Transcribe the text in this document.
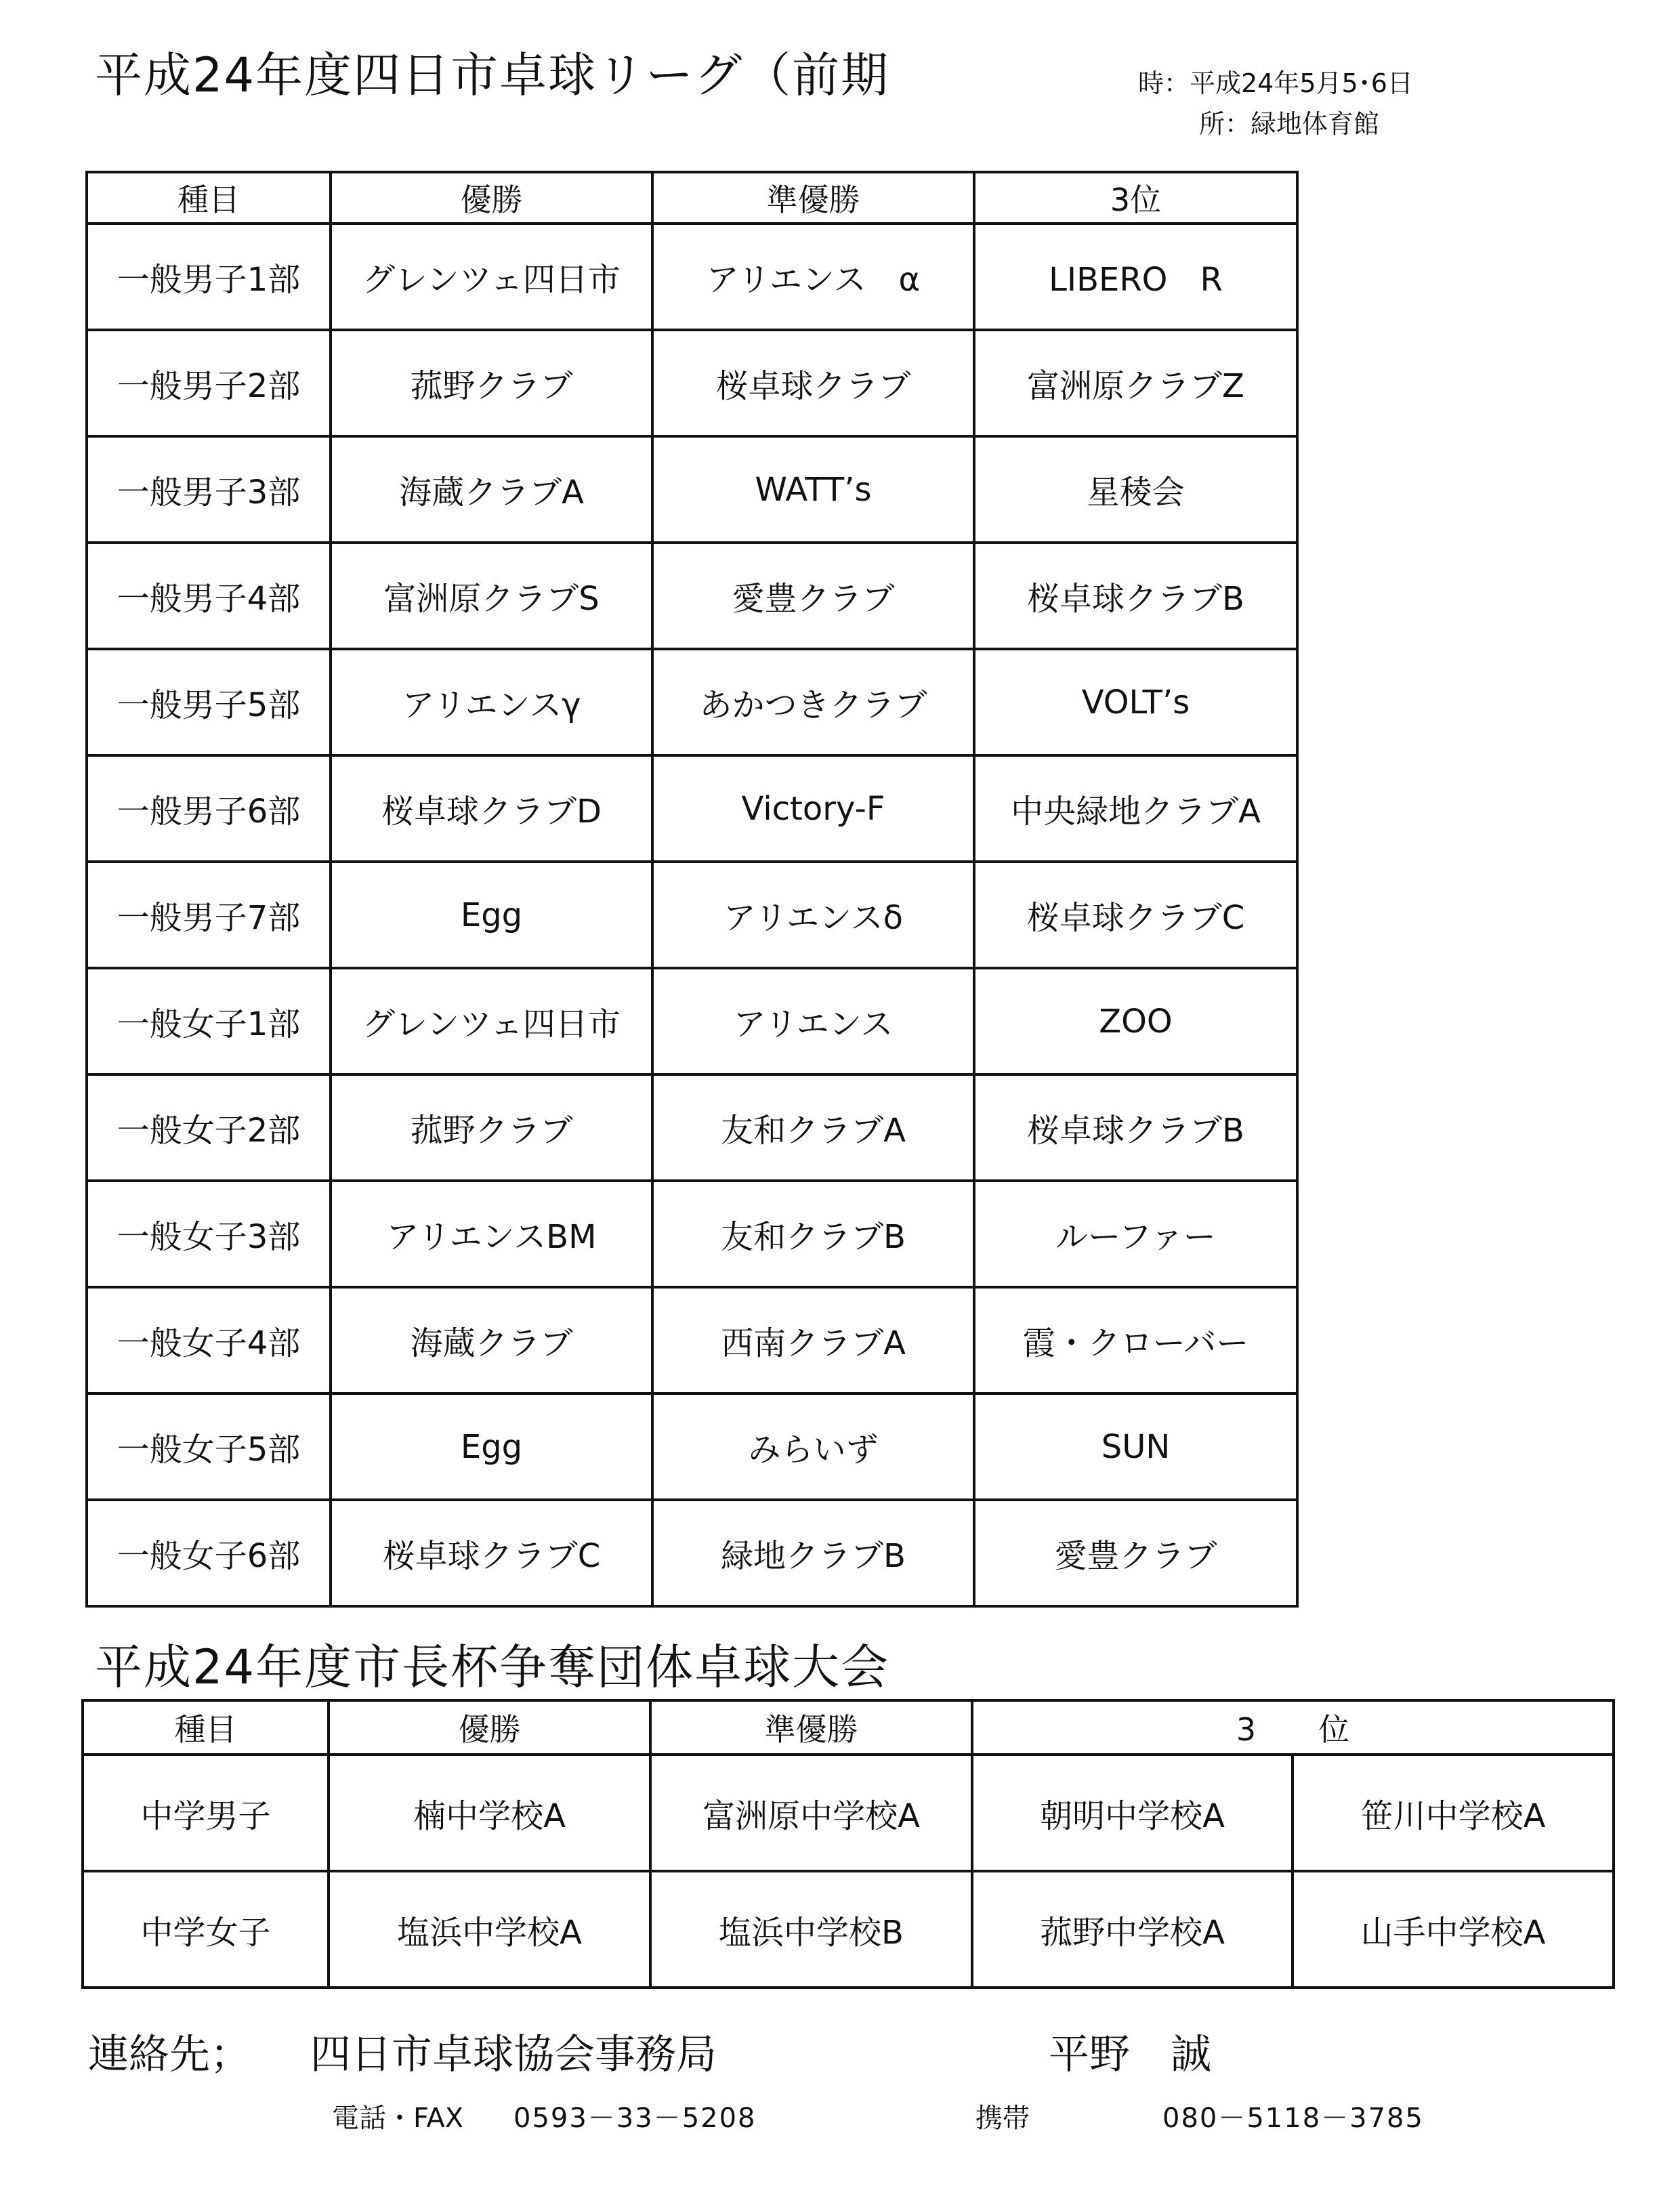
平成24年度四日市卓球リーグ（前期	時：平成24年5月5･6日
所：緑地体育館
種目	優勝	準優勝	3位
一般男子1部	グレンツェ四日市	アリエンス　α	LIBERO　R
一般男子2部	菰野クラブ	桜卓球クラブ	富洲原クラブZ
一般男子3部	海蔵クラブA	WATT’s	星稜会
一般男子4部	富洲原クラブS	愛豊クラブ	桜卓球クラブB
一般男子5部	アリエンスγ	あかつきクラブ	VOLT’s
一般男子6部	桜卓球クラブD	Victory-F	中央緑地クラブA
一般男子7部	Egg	アリエンスδ	桜卓球クラブC
一般女子1部	グレンツェ四日市	アリエンス	ZOO
一般女子2部	菰野クラブ	友和クラブA	桜卓球クラブB
一般女子3部	アリエンスBM	友和クラブB	ルーファー
一般女子4部	海蔵クラブ	西南クラブA	霞・クローバー
一般女子5部	Egg	みらいず	SUN
一般女子6部	桜卓球クラブC	緑地クラブB	愛豊クラブ
平成24年度市長杯争奪団体卓球大会
種目	優勝	準優勝	3　　位	
中学男子	楠中学校A	富洲原中学校A	朝明中学校A	笹川中学校A
中学女子	塩浜中学校A	塩浜中学校B	菰野中学校A	山手中学校A
連絡先； 四日市卓球協会事務局	平野　誠
電話・FAX 0593－33－5208	携帯	080－5118－3785
